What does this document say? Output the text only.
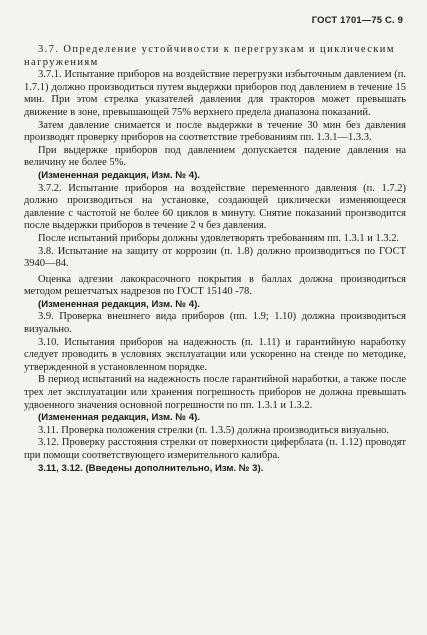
ГОСТ 1701—75 С. 9

3.7. Определение устойчивости к перегрузкам и циклическим нагружениям

3.7.1. Испытание приборов на воздействие перегрузки избыточным давлением (п. 1.7.1) должно производиться путем выдержки приборов под давлением в течение 15 мин. При этом стрелка указателей давления для тракторов может превышать движение в зоне, превышающей 75% верхнего предела диапазона показаний.

Затем давление снимается и после выдержки в течение 30 мин без давления производят проверку приборов на соответствие требованиям пп. 1.3.1—1.3.3.

При выдержке приборов под давлением допускается падение давления на величину не более 5%.

(Измененная редакция, Изм. № 4).

3.7.2. Испытание приборов на воздействие переменного давления (п. 1.7.2) должно производиться на установке, создающей циклически изменяющееся давление с частотой не более 60 циклов в минуту. Снятие показаний производится после выдержки приборов в течение 2 ч без давления.

После испытаний приборы должны удовлетворять требованиям пп. 1.3.1 и 1.3.2.

3.8. Испытание на защиту от коррозии (п. 1.8) должно производиться по ГОСТ 3940—84.

Оценка адгезии лакокрасочного покрытия в баллах должна производиться методом решетчатых надрезов по ГОСТ 15140 -78.

(Измененная редакция, Изм. № 4).

3.9. Проверка внешнего вида приборов (пп. 1.9; 1.10) должна производиться визуально.

3.10. Испытания приборов на надежность (п. 1.11) и гарантийную наработку следует проводить в условиях эксплуатации или ускоренно на стенде по методике, утвержденной в установленном порядке.

В период испытаний на надежность после гарантийной наработки, а также после трех лет эксплуатации или хранения погрешность приборов не должна превышать удвоенного значения основной погрешности по пп. 1.3.1 и 1.3.2.

(Измененная редакция, Изм. № 4).

3.11. Проверка положения стрелки (п. 1.3.5) должна производиться визуально.

3.12. Проверку расстояния стрелки от поверхности циферблата (п. 1.12) проводят при помощи соответствующего измерительного калибра.

3.11, 3.12. (Введены дополнительно, Изм. № 3).
